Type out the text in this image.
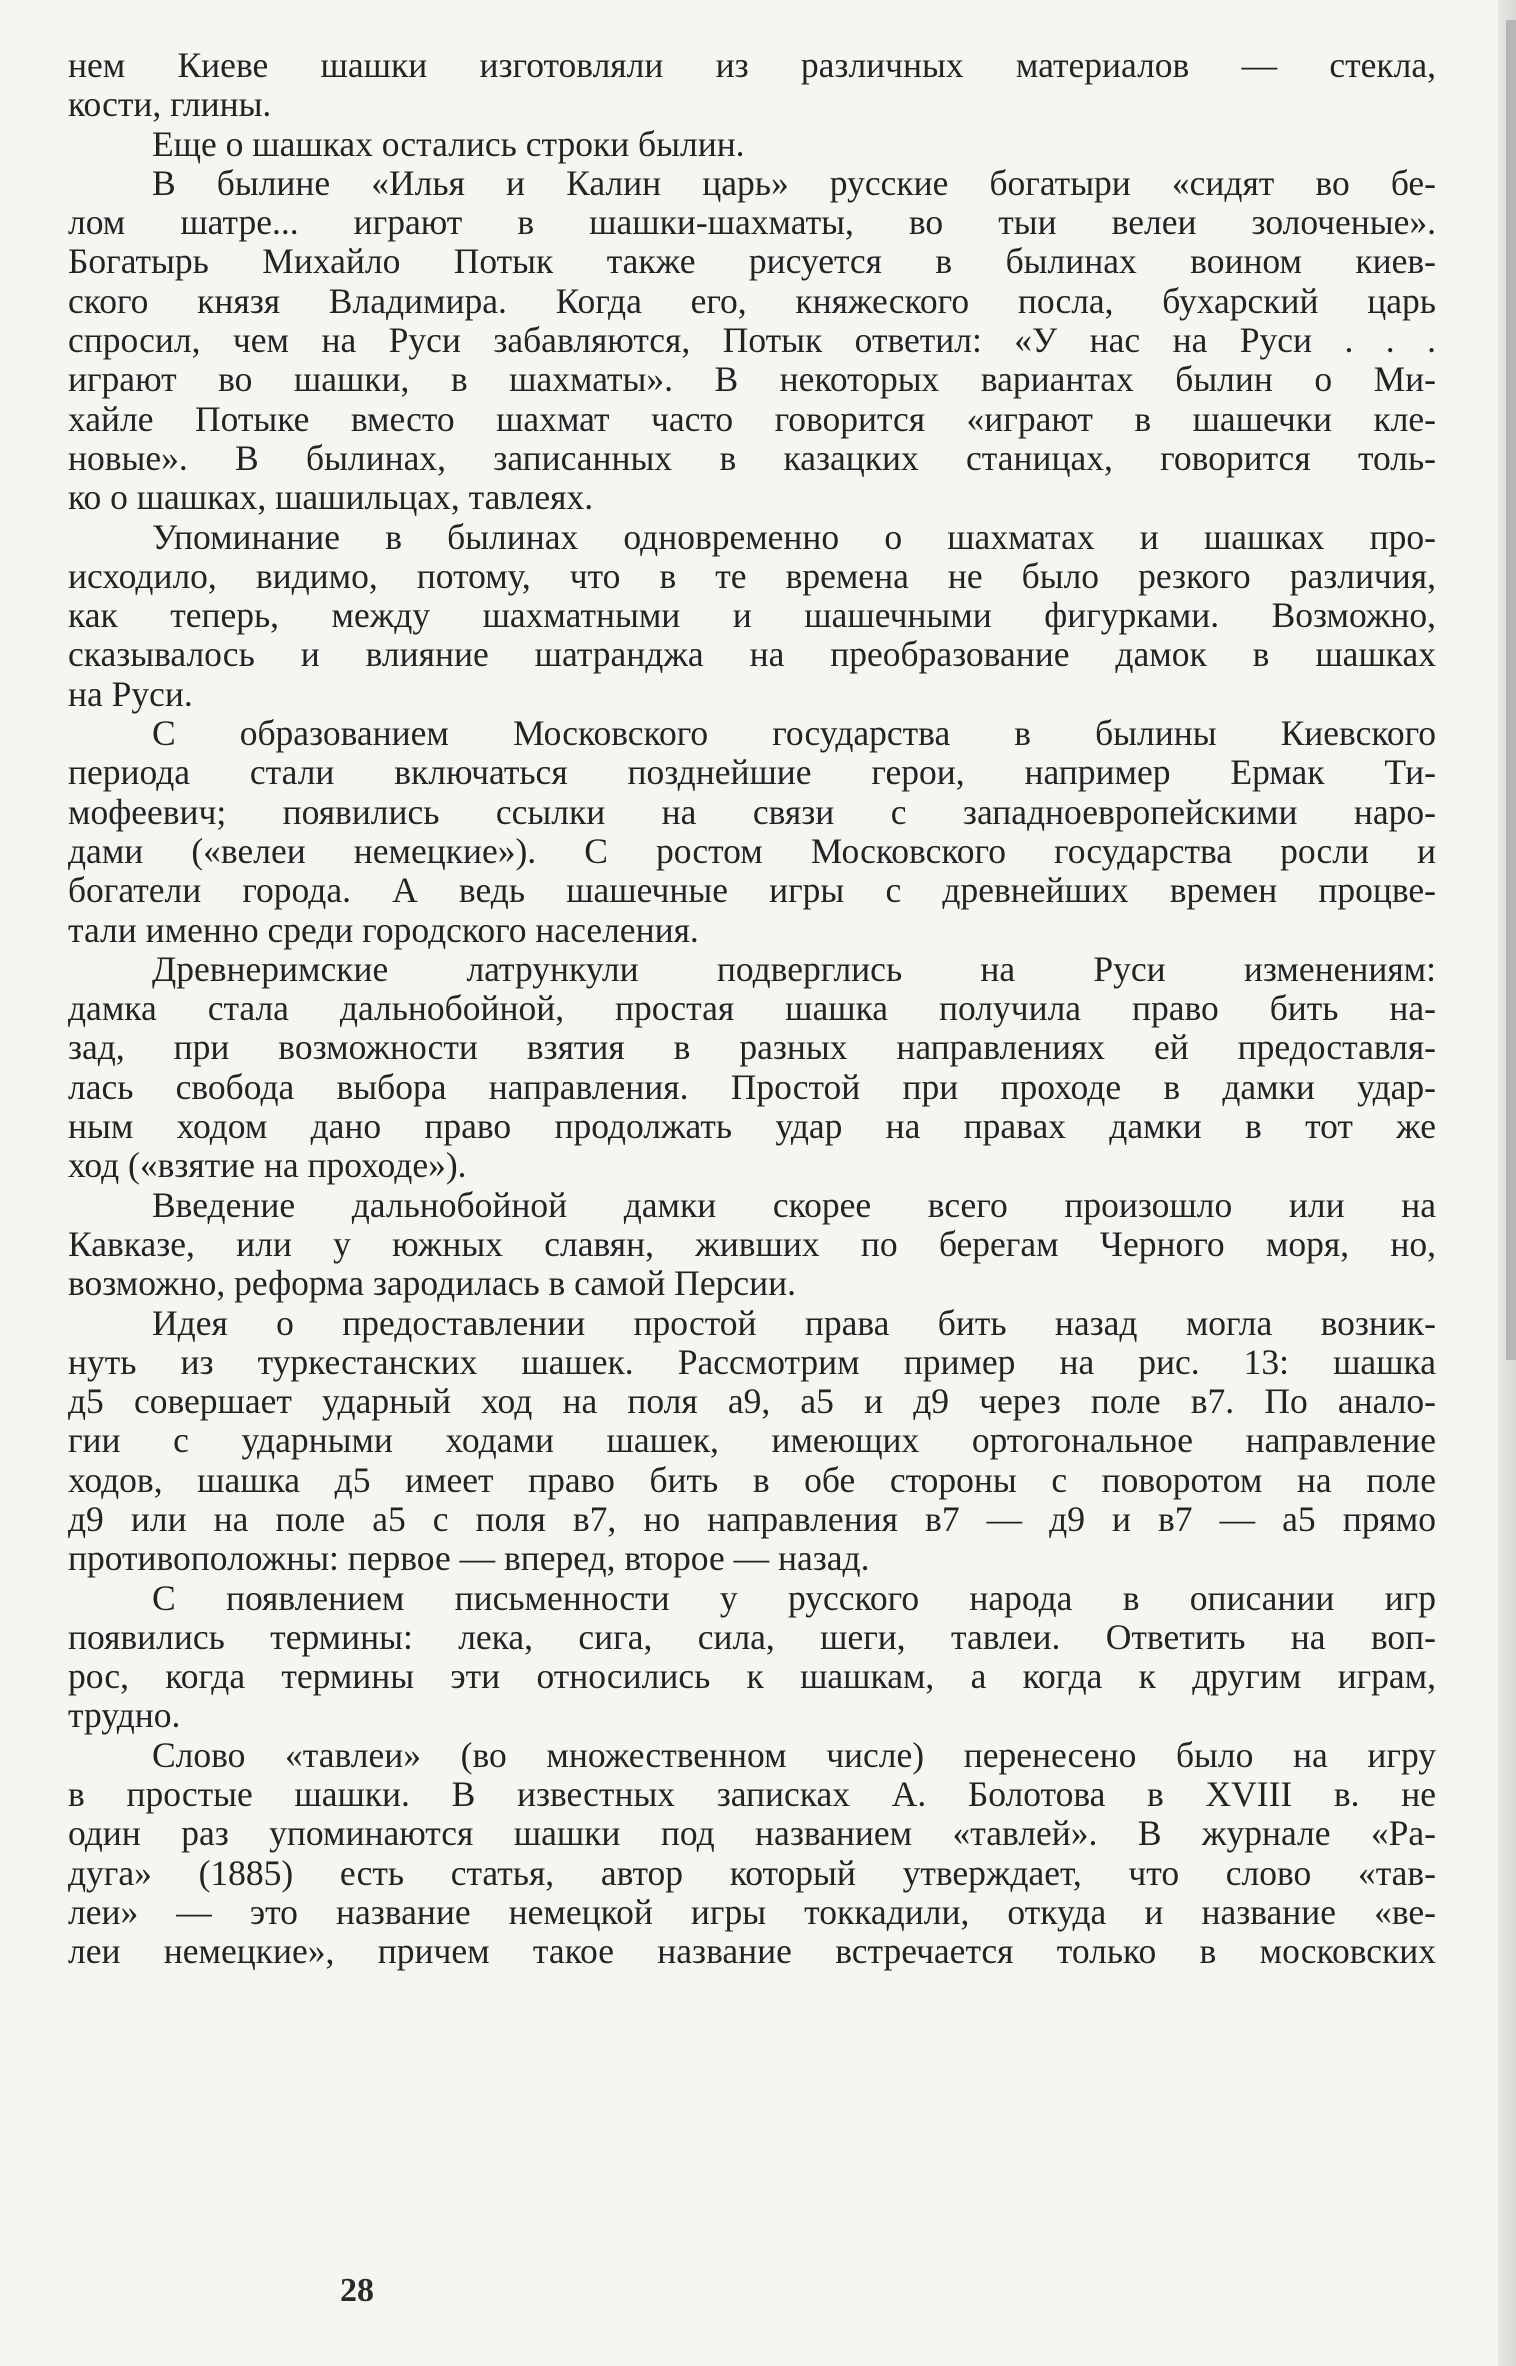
нем Киеве шашки изготовляли из различных материалов — стекла,
кости, глины.
Еще о шашках остались строки былин.
В былине «Илья и Калин царь» русские богатыри «сидят во бе-
лом шатре... играют в шашки-шахматы, во тыи велеи золоченые».
Богатырь Михайло Потык также рисуется в былинах воином киев-
ского князя Владимира. Когда его, княжеского посла, бухарский царь
спросил, чем на Руси забавляются, Потык ответил: «У нас на Руси . . .
играют во шашки, в шахматы». В некоторых вариантах былин о Ми-
хайле Потыке вместо шахмат часто говорится «играют в шашечки кле-
новые». В былинах, записанных в казацких станицах, говорится толь-
ко о шашках, шашильцах, тавлеях.
Упоминание в былинах одновременно о шахматах и шашках про-
исходило, видимо, потому, что в те времена не было резкого различия,
как теперь, между шахматными и шашечными фигурками. Возможно,
сказывалось и влияние шатранджа на преобразование дамок в шашках
на Руси.
С образованием Московского государства в былины Киевского
периода стали включаться позднейшие герои, например Ермак Ти-
мофеевич; появились ссылки на связи с западноевропейскими наро-
дами («велеи немецкие»). С ростом Московского государства росли и
богатели города. А ведь шашечные игры с древнейших времен процве-
тали именно среди городского населения.
Древнеримские латрункули подверглись на Руси изменениям:
дамка стала дальнобойной, простая шашка получила право бить на-
зад, при возможности взятия в разных направлениях ей предоставля-
лась свобода выбора направления. Простой при проходе в дамки удар-
ным ходом дано право продолжать удар на правах дамки в тот же
ход («взятие на проходе»).
Введение дальнобойной дамки скорее всего произошло или на
Кавказе, или у южных славян, живших по берегам Черного моря, но,
возможно, реформа зародилась в самой Персии.
Идея о предоставлении простой права бить назад могла возник-
нуть из туркестанских шашек. Рассмотрим пример на рис. 13: шашка
д5 совершает ударный ход на поля а9, а5 и д9 через поле в7. По анало-
гии с ударными ходами шашек, имеющих ортогональное направление
ходов, шашка д5 имеет право бить в обе стороны с поворотом на поле
д9 или на поле а5 с поля в7, но направления в7 — д9 и в7 — а5 прямо
противоположны: первое — вперед, второе — назад.
С появлением письменности у русского народа в описании игр
появились термины: лека, сига, сила, шеги, тавлеи. Ответить на воп-
рос, когда термины эти относились к шашкам, а когда к другим играм,
трудно.
Слово «тавлеи» (во множественном числе) перенесено было на игру
в простые шашки. В известных записках А. Болотова в XVIII в. не
один раз упоминаются шашки под названием «тавлей». В журнале «Ра-
дуга» (1885) есть статья, автор который утверждает, что слово «тав-
леи» — это название немецкой игры токкадили, откуда и название «ве-
леи немецкие», причем такое название встречается только в московских
28
